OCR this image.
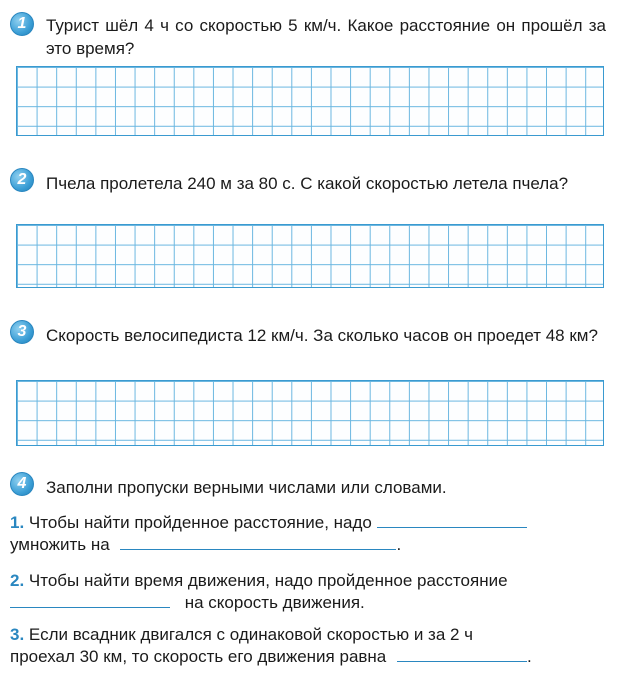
1	Турист шёл 4 ч со скоростью 5 км/ч. Какое расстояние он прошёл за это время?
2	Пчела пролетела 240 м за 80 с. С какой скоростью летела пчела?
3	Скорость велосипедиста 12 км/ч. За сколько часов он проедет 48 км?
4	Заполни пропуски верными числами или словами.
1. Чтобы найти пройденное расстояние, надо
умножить на	.
2. Чтобы найти время движения, надо пройденное расстояние
на скорость движения.
3. Если всадник двигался с одинаковой скоростью и за 2 ч
проехал 30 км, то скорость его движения равна	.
